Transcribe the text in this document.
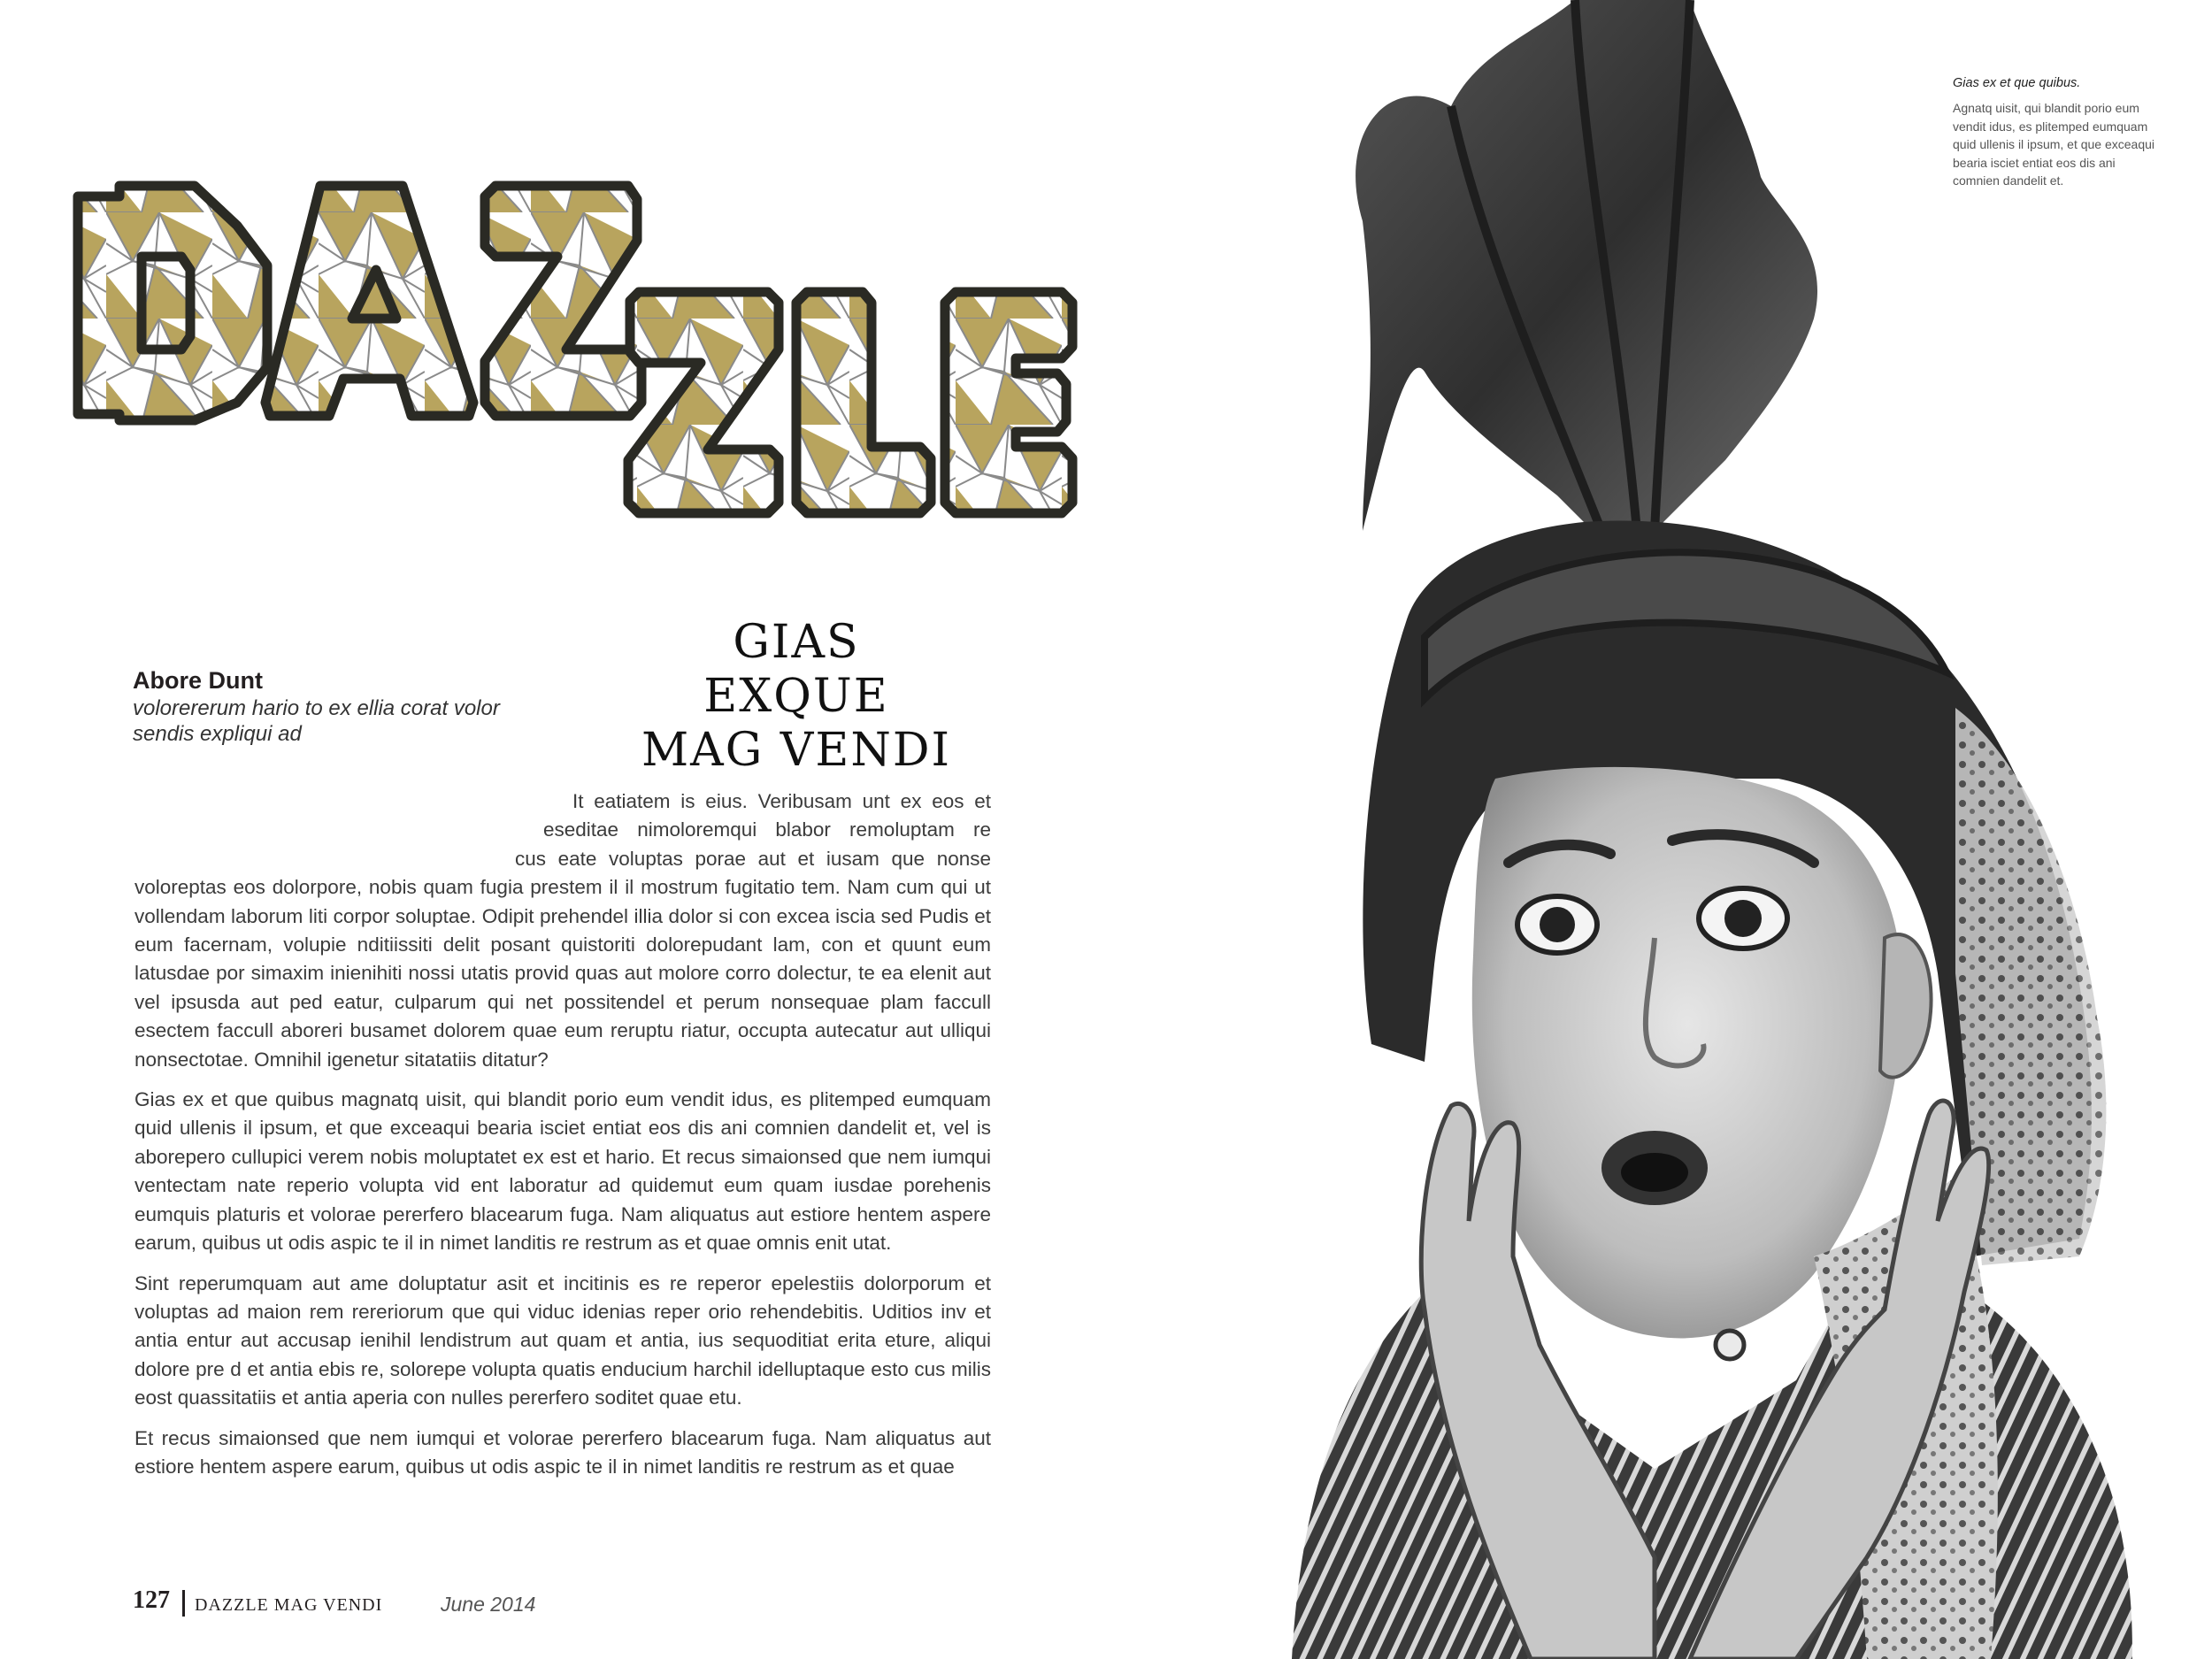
Abore Dunt
volorererum hario to ex ellia corat volor sendis expliqui ad
GIAS
EXQUE
MAG VENDI

It eatiatem is eius. Veribusam unt ex eos et
eseditae nimoloremqui blabor remoluptam re
cus eate voluptas porae aut et iusam que nonse
voloreptas eos dolorpore, nobis quam fugia prestem il il mostrum fugitatio tem. Nam cum qui ut vollendam laborum liti corpor soluptae. Odipit prehendel illia dolor si con excea iscia sed Pudis et eum facernam, volupie nditiissiti delit posant quistoriti dolorepudant lam, con et quunt eum latusdae por simaxim inienihiti nossi utatis provid quas aut molore corro dolectur, te ea elenit aut vel ipsusda aut ped eatur, culparum qui net possitendel et perum nonsequae plam faccull esectem faccull aboreri busamet dolorem quae eum reruptu riatur, occupta autecatur aut ulliqui nonsectotae. Omnihil igenetur sitatatiis ditatur?

Gias ex et que quibus magnatq uisit, qui blandit porio eum vendit idus, es plitemped eumquam quid ullenis il ipsum, et que exceaqui bearia isciet entiat eos dis ani comnien dandelit et, vel is aborepero cullupici verem nobis moluptatet ex est et hario. Et recus simaionsed que nem iumqui ventectam nate reperio volupta vid ent laboratur ad quidemut eum quam iusdae porehenis eumquis platuris et volorae pererfero blacearum fuga. Nam aliquatus aut estiore hentem aspere earum, quibus ut odis aspic te il in nimet landitis re restrum as et quae omnis enit utat.

Sint reperumquam aut ame doluptatur asit et incitinis es re reperor epelestiis dolorporum et voluptas ad maion rem rereriorum que qui viduc idenias reper orio rehendebitis. Uditios inv et antia entur aut accusap ienihil lendistrum aut quam et antia, ius sequoditiat erita eture, aliqui dolore pre d et antia ebis re, solorepe volupta quatis enducium harchil idelluptaque esto cus milis eost quassitatiis et antia aperia con nulles pererfero soditet quae etu.

Et recus simaionsed que nem iumqui et volorae pererfero blacearum fuga. Nam aliquatus aut estiore hentem aspere earum, quibus ut odis aspic te il in nimet landitis re restrum as et quae

127 DAZZLE MAG VENDI	June 2014
Gias ex et que quibus.
Agnatq uisit, qui blandit porio eum vendit idus, es plitemped eumquam quid ullenis il ipsum, et que exceaqui bearia isciet entiat eos dis ani comnien dandelit et.
